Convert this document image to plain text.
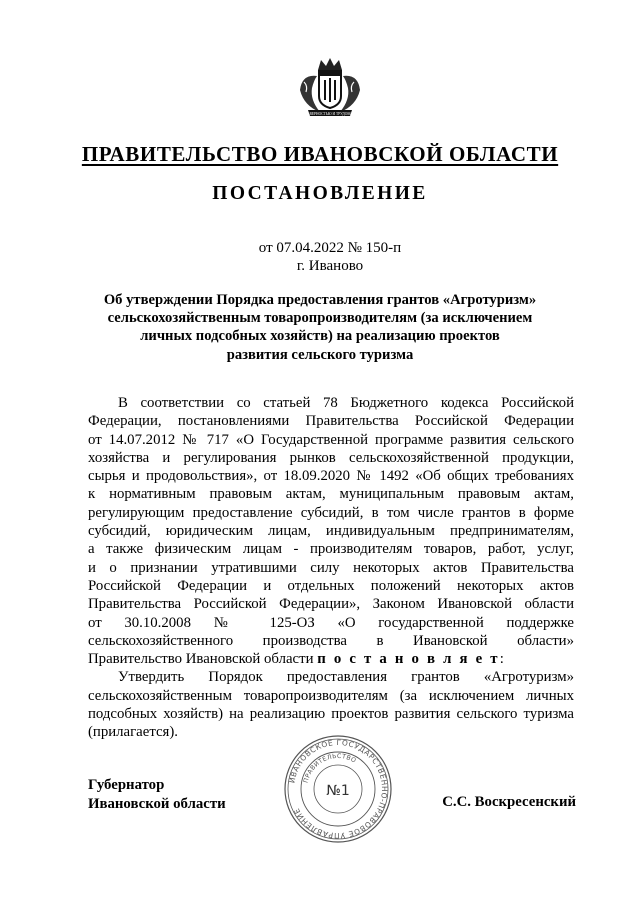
ВЕРНОСТЬЮ И ТРУДОМ
ПРАВИТЕЛЬСТВО ИВАНОВСКОЙ ОБЛАСТИ
ПОСТАНОВЛЕНИЕ
от 07.04.2022 № 150-п
г. Иваново
Об утверждении Порядка предоставления грантов «Агротуризм»
сельскохозяйственным товаропроизводителям (за исключением
личных подсобных хозяйств) на реализацию проектов
развития сельского туризма
В соответствии со статьей 78 Бюджетного кодекса Российской
Федерации, постановлениями Правительства Российской Федерации
от 14.07.2012 № 717 «О Государственной программе развития сельского
хозяйства и регулирования рынков сельскохозяйственной продукции,
сырья и продовольствия», от 18.09.2020 № 1492 «Об общих требованиях
к нормативным правовым актам, муниципальным правовым актам,
регулирующим предоставление субсидий, в том числе грантов в форме
субсидий, юридическим лицам, индивидуальным предпринимателям,
а также физическим лицам - производителям товаров, работ, услуг,
и о признании утратившими силу некоторых актов Правительства
Российской Федерации и отдельных положений некоторых актов
Правительства Российской Федерации», Законом Ивановской области
от 30.10.2008 № 125-ОЗ «О государственной поддержке
сельскохозяйственного производства в Ивановской области»
Правительство Ивановской области п о с т а н о в л я е т:
Утвердить Порядок предоставления грантов «Агротуризм»
сельскохозяйственным товаропроизводителям (за исключением личных
подсобных хозяйств) на реализацию проектов развития сельского туризма
(прилагается).
Губернатор
Ивановской области	С.С. Воскресенский
ИВАНОВСКОЕ ГОСУДАРСТВЕННО-ПРАВОВОЕ УПРАВЛЕНИЕ
ПРАВИТЕЛЬСТВО
№1
